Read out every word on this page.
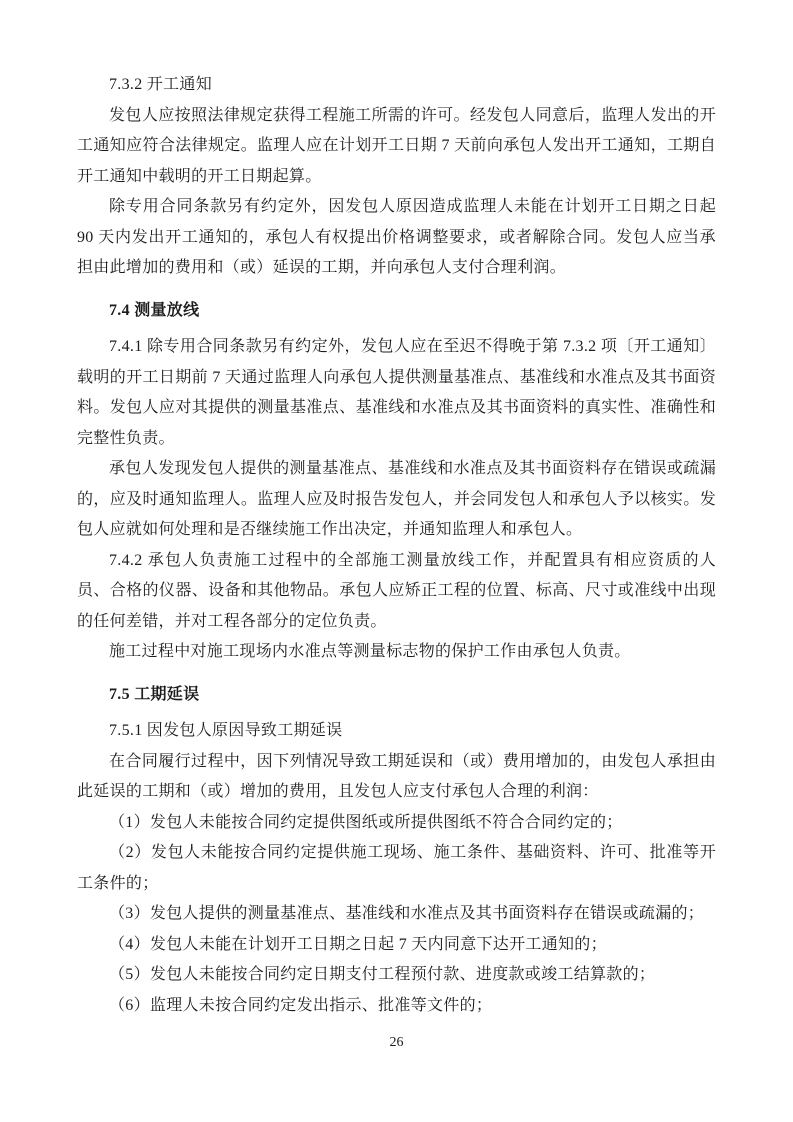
7.3.2 开工通知

发包人应按照法律规定获得工程施工所需的许可。经发包人同意后，监理人发出的开工通知应符合法律规定。监理人应在计划开工日期 7 天前向承包人发出开工通知，工期自开工通知中载明的开工日期起算。

除专用合同条款另有约定外，因发包人原因造成监理人未能在计划开工日期之日起 90 天内发出开工通知的，承包人有权提出价格调整要求，或者解除合同。发包人应当承担由此增加的费用和（或）延误的工期，并向承包人支付合理利润。

7.4 测量放线

7.4.1 除专用合同条款另有约定外，发包人应在至迟不得晚于第 7.3.2 项〔开工通知〕载明的开工日期前 7 天通过监理人向承包人提供测量基准点、基准线和水准点及其书面资料。发包人应对其提供的测量基准点、基准线和水准点及其书面资料的真实性、准确性和完整性负责。

承包人发现发包人提供的测量基准点、基准线和水准点及其书面资料存在错误或疏漏的，应及时通知监理人。监理人应及时报告发包人，并会同发包人和承包人予以核实。发包人应就如何处理和是否继续施工作出决定，并通知监理人和承包人。

7.4.2 承包人负责施工过程中的全部施工测量放线工作，并配置具有相应资质的人员、合格的仪器、设备和其他物品。承包人应矫正工程的位置、标高、尺寸或准线中出现的任何差错，并对工程各部分的定位负责。

施工过程中对施工现场内水准点等测量标志物的保护工作由承包人负责。

7.5 工期延误

7.5.1 因发包人原因导致工期延误

在合同履行过程中，因下列情况导致工期延误和（或）费用增加的，由发包人承担由此延误的工期和（或）增加的费用，且发包人应支付承包人合理的利润：

（1）发包人未能按合同约定提供图纸或所提供图纸不符合合同约定的；

（2）发包人未能按合同约定提供施工现场、施工条件、基础资料、许可、批准等开工条件的；

（3）发包人提供的测量基准点、基准线和水准点及其书面资料存在错误或疏漏的；

（4）发包人未能在计划开工日期之日起 7 天内同意下达开工通知的；

（5）发包人未能按合同约定日期支付工程预付款、进度款或竣工结算款的；

（6）监理人未按合同约定发出指示、批准等文件的；

26
